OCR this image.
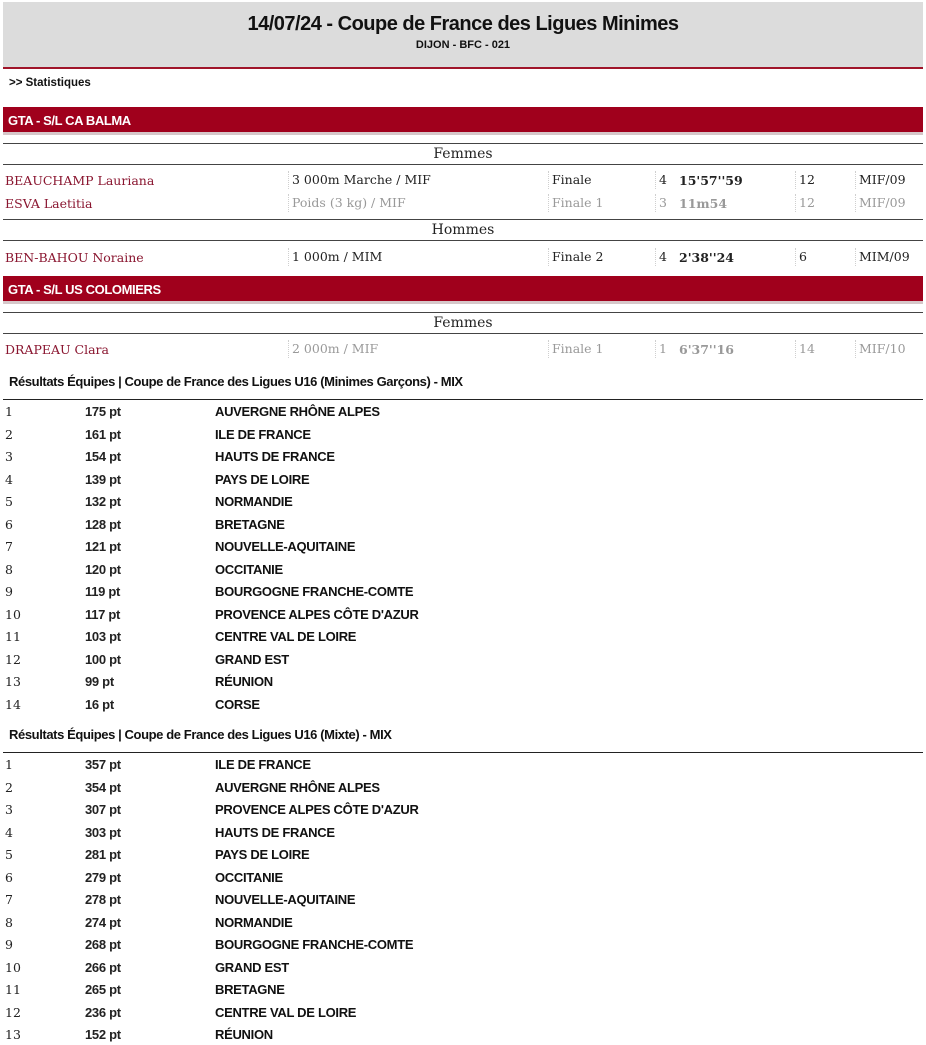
14/07/24 - Coupe de France des Ligues Minimes
DIJON - BFC - 021
>> Statistiques
GTA - S/L CA BALMA
Femmes
BEAUCHAMP Lauriana	3 000m Marche / MIF	Finale	4 15'57''59	12	MIF/09
ESVA Laetitia	Poids (3 kg) / MIF	Finale 1	3 11m54	12	MIF/09
Hommes
BEN-BAHOU Noraine	1 000m / MIM	Finale 2	4 2'38''24	6	MIM/09
GTA - S/L US COLOMIERS
Femmes
DRAPEAU Clara	2 000m / MIF	Finale 1	1 6'37''16	14	MIF/10
Résultats Équipes | Coupe de France des Ligues U16 (Minimes Garçons) - MIX
1	175 pt	AUVERGNE RHÔNE ALPES
2	161 pt	ILE DE FRANCE
3	154 pt	HAUTS DE FRANCE
4	139 pt	PAYS DE LOIRE
5	132 pt	NORMANDIE
6	128 pt	BRETAGNE
7	121 pt	NOUVELLE-AQUITAINE
8	120 pt	OCCITANIE
9	119 pt	BOURGOGNE FRANCHE-COMTE
10	117 pt	PROVENCE ALPES CÔTE D'AZUR
11	103 pt	CENTRE VAL DE LOIRE
12	100 pt	GRAND EST
13	99 pt	RÉUNION
14	16 pt	CORSE
Résultats Équipes | Coupe de France des Ligues U16 (Mixte) - MIX
1	357 pt	ILE DE FRANCE
2	354 pt	AUVERGNE RHÔNE ALPES
3	307 pt	PROVENCE ALPES CÔTE D'AZUR
4	303 pt	HAUTS DE FRANCE
5	281 pt	PAYS DE LOIRE
6	279 pt	OCCITANIE
7	278 pt	NOUVELLE-AQUITAINE
8	274 pt	NORMANDIE
9	268 pt	BOURGOGNE FRANCHE-COMTE
10	266 pt	GRAND EST
11	265 pt	BRETAGNE
12	236 pt	CENTRE VAL DE LOIRE
13	152 pt	RÉUNION
